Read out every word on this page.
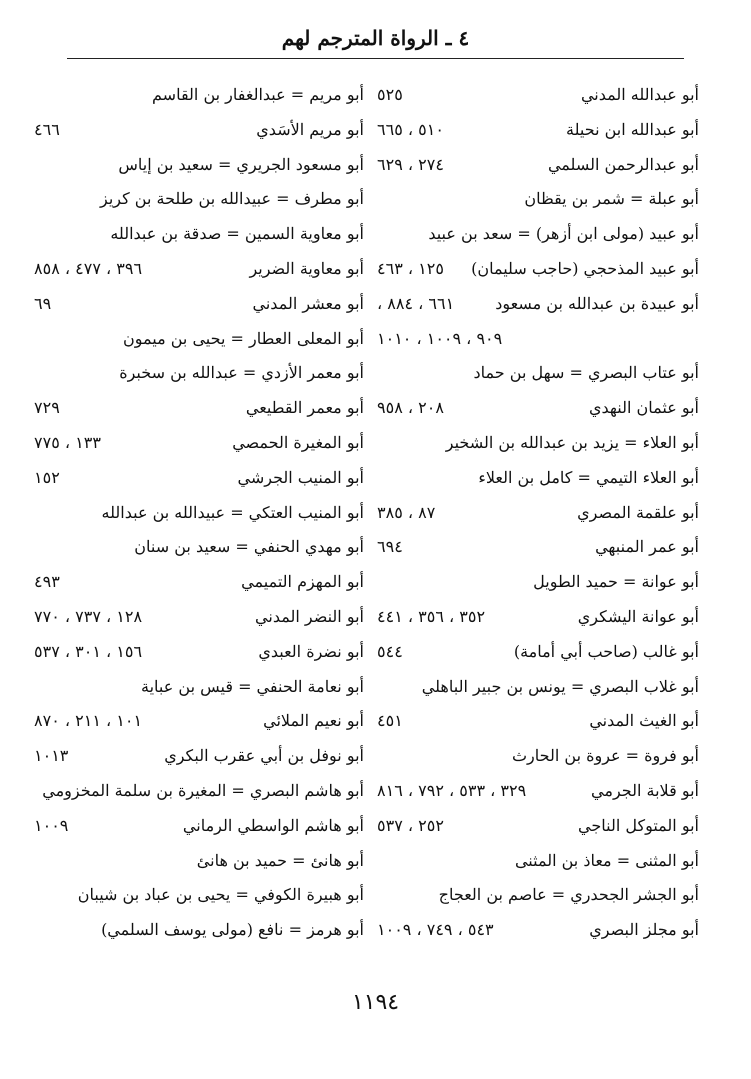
٤ ـ الرواة المترجم لهم
أبو عبدالله المدني
٥٢٥
أبو عبدالله ابن نحيلة
٥١٠ ، ٦٦٥
أبو عبدالرحمن السلمي
٢٧٤ ، ٦٢٩
أبو عبلة = شمر بن يقظان
أبو عبيد (مولى ابن أزهر) = سعد بن عبيد
أبو عبيد المذحجي (حاجب سليمان)
١٢٥ ، ٤٦٣
أبو عبيدة بن عبدالله بن مسعود
٦٦١ ، ٨٨٤ ،
٩٠٩ ، ١٠٠٩ ، ١٠١٠
أبو عتاب البصري = سهل بن حماد
أبو عثمان النهدي
٢٠٨ ، ٩٥٨
أبو العلاء = يزيد بن عبدالله بن الشخير
أبو العلاء التيمي = كامل بن العلاء
أبو علقمة المصري
٨٧ ، ٣٨٥
أبو عمر المنبهي
٦٩٤
أبو عوانة = حميد الطويل
أبو عوانة اليشكري
٣٥٢ ، ٣٥٦ ، ٤٤١
أبو غالب (صاحب أبي أمامة)
٥٤٤
أبو غلاب البصري = يونس بن جبير الباهلي
أبو الغيث المدني
٤٥١
أبو فروة = عروة بن الحارث
أبو قلابة الجرمي
٣٢٩ ، ٥٣٣ ، ٧٩٢ ، ٨١٦
أبو المتوكل الناجي
٢٥٢ ، ٥٣٧
أبو المثنى = معاذ بن المثنى
أبو الجشر الجحدري = عاصم بن العجاج
أبو مجلز البصري
٥٤٣ ، ٧٤٩ ، ١٠٠٩
أبو مريم = عبدالغفار بن القاسم
أبو مريم الأسَدي
٤٦٦
أبو مسعود الجريري = سعيد بن إياس
أبو مطرف = عبيدالله بن طلحة بن كريز
أبو معاوية السمين = صدقة بن عبدالله
أبو معاوية الضرير
٣٩٦ ، ٤٧٧ ، ٨٥٨
أبو معشر المدني
٦٩
أبو المعلى العطار = يحيى بن ميمون
أبو معمر الأزدي = عبدالله بن سخبرة
أبو معمر القطيعي
٧٢٩
أبو المغيرة الحمصي
١٣٣ ، ٧٧٥
أبو المنيب الجرشي
١٥٢
أبو المنيب العتكي = عبيدالله بن عبدالله
أبو مهدي الحنفي = سعيد بن سنان
أبو المهزم التميمي
٤٩٣
أبو النضر المدني
١٢٨ ، ٧٣٧ ، ٧٧٠
أبو نضرة العبدي
١٥٦ ، ٣٠١ ، ٥٣٧
أبو نعامة الحنفي = قيس بن عباية
أبو نعيم الملائي
١٠١ ، ٢١١ ، ٨٧٠
أبو نوفل بن أبي عقرب البكري
١٠١٣
أبو هاشم البصري = المغيرة بن سلمة المخزومي
أبو هاشم الواسطي الرماني
١٠٠٩
أبو هانئ = حميد بن هانئ
أبو هبيرة الكوفي = يحيى بن عباد بن شيبان
أبو هرمز = نافع (مولى يوسف السلمي)
١١٩٤
